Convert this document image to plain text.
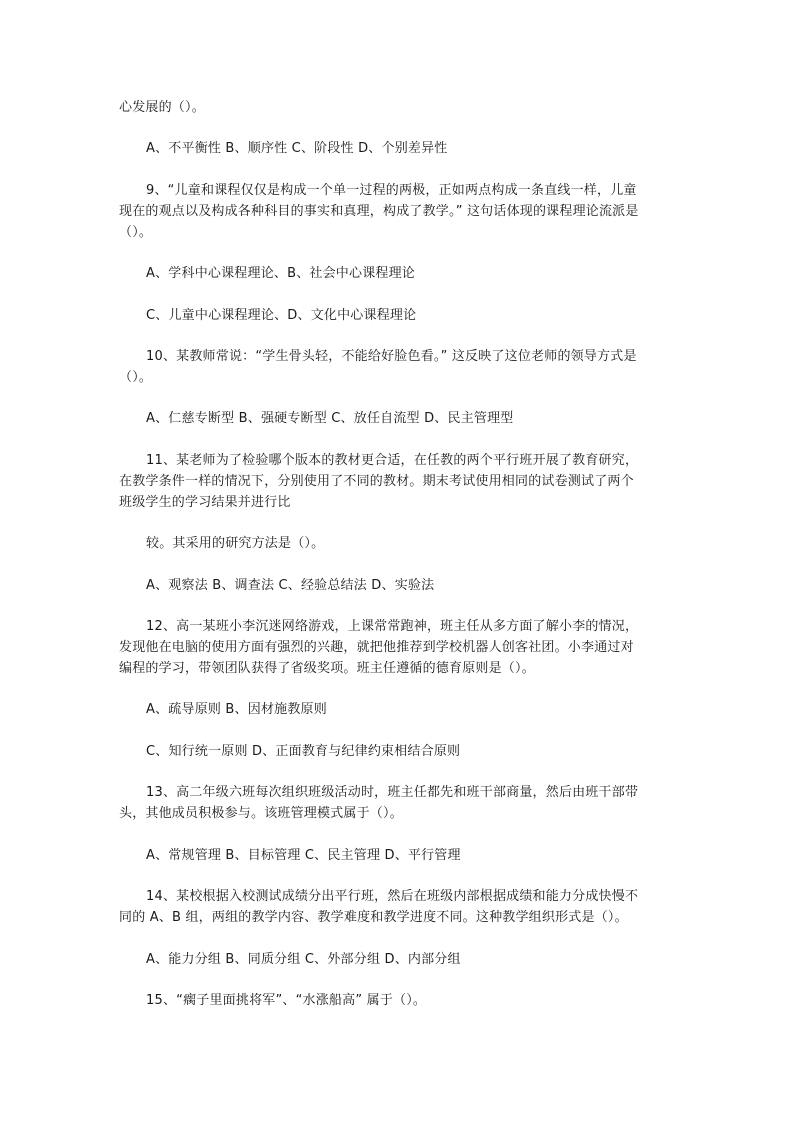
心发展的（）。
A、不平衡性 B、顺序性 C、阶段性 D、个别差异性
9、“儿童和课程仅仅是构成一个单一过程的两极，正如两点构成一条直线一样，儿童
现在的观点以及构成各种科目的事实和真理，构成了教学。” 这句话体现的课程理论流派是
（）。
A、学科中心课程理论、B、社会中心课程理论
C、儿童中心课程理论、D、文化中心课程理论
10、某教师常说：“学生骨头轻，不能给好脸色看。” 这反映了这位老师的领导方式是
（）。
A、仁慈专断型 B、强硬专断型 C、放任自流型 D、民主管理型
11、某老师为了检验哪个版本的教材更合适，在任教的两个平行班开展了教育研究，
在教学条件一样的情况下，分别使用了不同的教材。期末考试使用相同的试卷测试了两个
班级学生的学习结果并进行比
较。其采用的研究方法是（）。
A、观察法 B、调查法 C、经验总结法 D、实验法
12、高一某班小李沉迷网络游戏，上课常常跑神，班主任从多方面了解小李的情况，
发现他在电脑的使用方面有强烈的兴趣，就把他推荐到学校机器人创客社团。小李通过对
编程的学习，带领团队获得了省级奖项。班主任遵循的德育原则是（）。
A、疏导原则 B、因材施教原则
C、知行统一原则 D、正面教育与纪律约束相结合原则
13、高二年级六班每次组织班级活动时，班主任都先和班干部商量，然后由班干部带
头，其他成员积极参与。该班管理模式属于（）。
A、常规管理 B、目标管理 C、民主管理 D、平行管理
14、某校根据入校测试成绩分出平行班，然后在班级内部根据成绩和能力分成快慢不
同的 A、B 组，两组的教学内容、教学难度和教学进度不同。这种教学组织形式是（）。
A、能力分组 B、同质分组 C、外部分组 D、内部分组
15、“瘸子里面挑将军”、“水涨船高” 属于（）。
